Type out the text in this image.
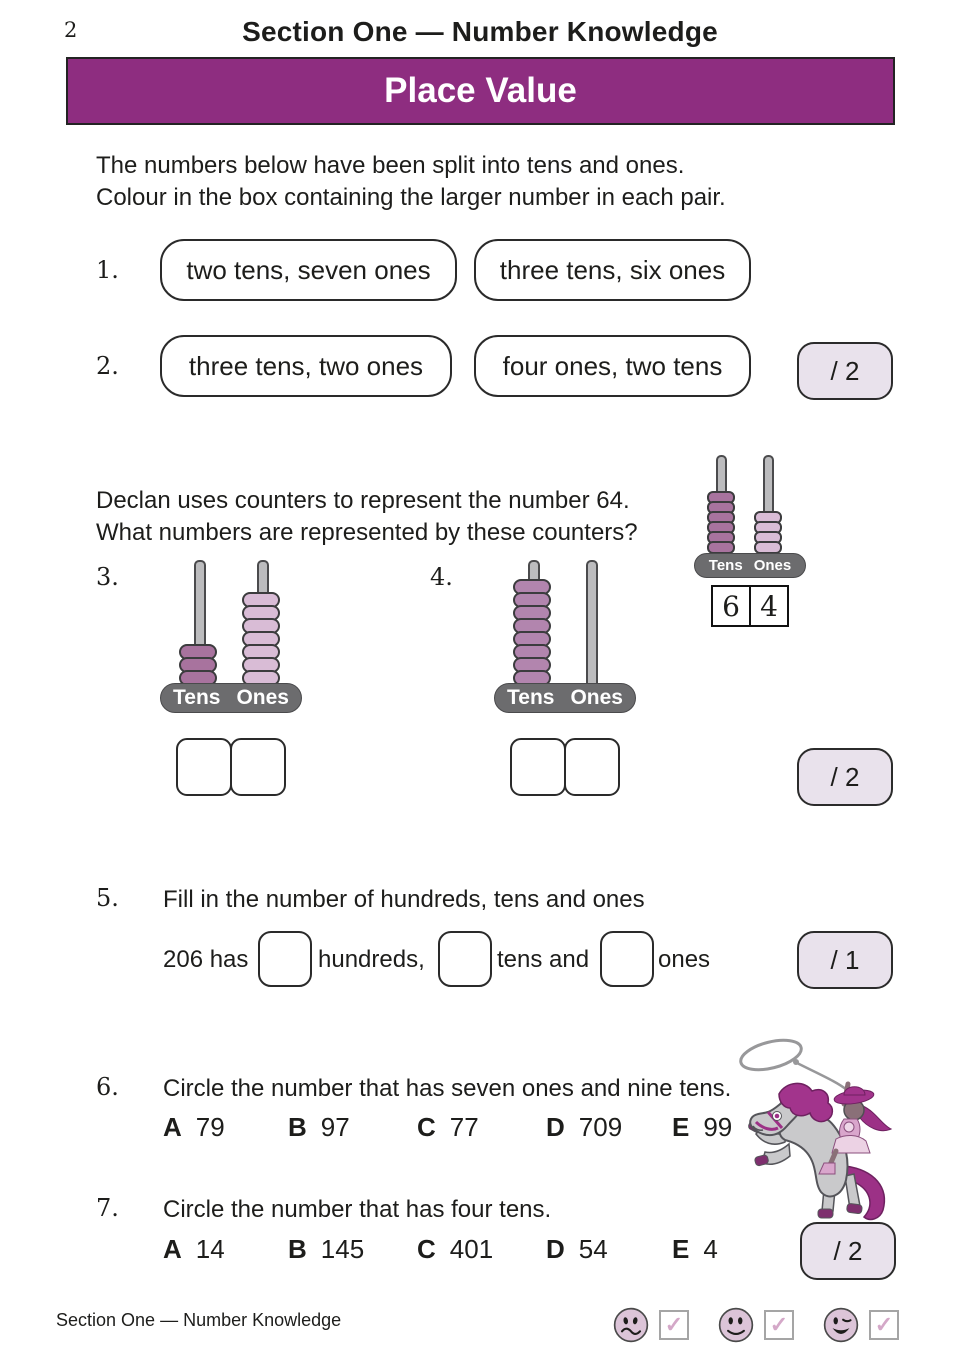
2	Section One — Number Knowledge
Place Value
The numbers below have been split into tens and ones.
Colour in the box containing the larger number in each pair.
1.	two tens, seven ones	three tens, six ones
2.	three tens, two ones	four ones, two tens	/ 2
Declan uses counters to represent the number 64.
What numbers are represented by these counters?
Tens Ones
6 4
3.
Tens Ones
4.
Tens Ones
/ 2
5. Fill in the number of hundreds, tens and ones
206 has	hundreds,	tens and	ones	/ 1
6. Circle the number that has seven ones and nine tens.
A 79 B 97	C 77	D 709 E 99
7. Circle the number that has four tens.
A 14 B 145 C 401 D 54 E 4	/ 2
Section One — Number Knowledge	✓	✓	✓
